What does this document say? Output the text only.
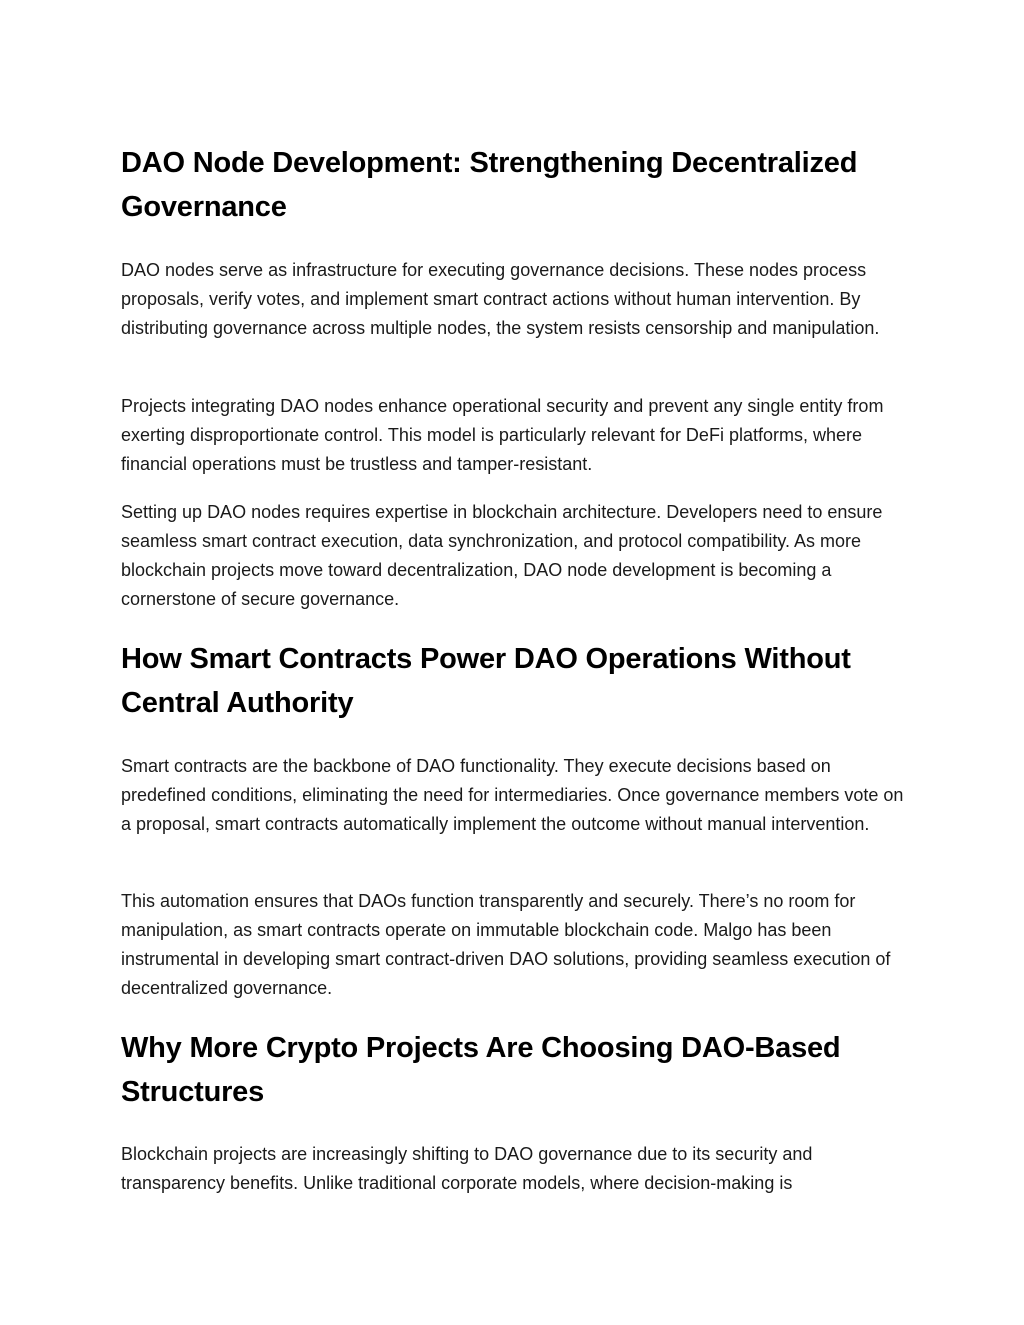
DAO Node Development: Strengthening Decentralized Governance

DAO nodes serve as infrastructure for executing governance decisions. These nodes process proposals, verify votes, and implement smart contract actions without human intervention. By distributing governance across multiple nodes, the system resists censorship and manipulation.

Projects integrating DAO nodes enhance operational security and prevent any single entity from exerting disproportionate control. This model is particularly relevant for DeFi platforms, where financial operations must be trustless and tamper-resistant.

Setting up DAO nodes requires expertise in blockchain architecture. Developers need to ensure seamless smart contract execution, data synchronization, and protocol compatibility. As more blockchain projects move toward decentralization, DAO node development is becoming a cornerstone of secure governance.

How Smart Contracts Power DAO Operations Without Central Authority

Smart contracts are the backbone of DAO functionality. They execute decisions based on predefined conditions, eliminating the need for intermediaries. Once governance members vote on a proposal, smart contracts automatically implement the outcome without manual intervention.

This automation ensures that DAOs function transparently and securely. There’s no room for manipulation, as smart contracts operate on immutable blockchain code. Malgo has been instrumental in developing smart contract-driven DAO solutions, providing seamless execution of decentralized governance.

Why More Crypto Projects Are Choosing DAO-Based Structures

Blockchain projects are increasingly shifting to DAO governance due to its security and transparency benefits. Unlike traditional corporate models, where decision-making is
